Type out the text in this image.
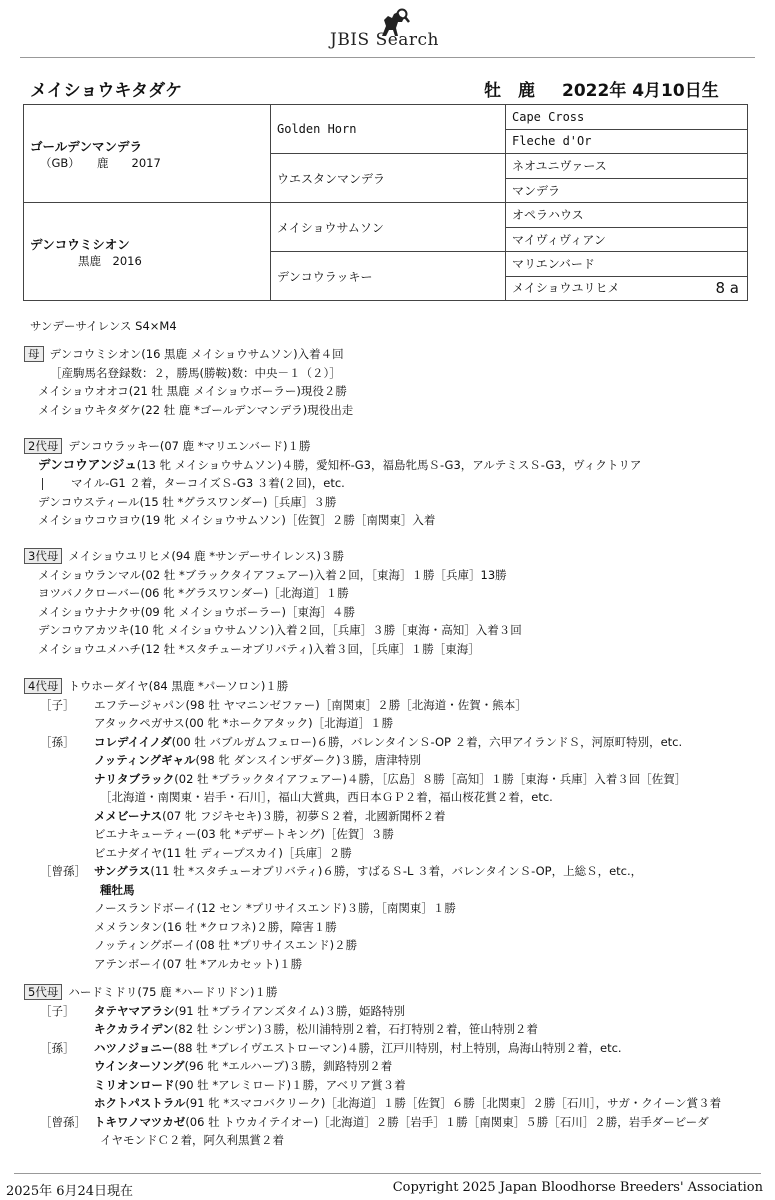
JBIS Search
メイショウキタダケ	牡 鹿 2022年 4月10日生
ゴールデンマンデラ
（GB）　　鹿　　2017	Golden Horn	Cape Cross
		Fleche d'Or
	ウエスタンマンデラ	ネオユニヴァース
		マンデラ

デンコウミシオン
黒鹿　2016	メイショウサムソン	オペラハウス
		マイヴィヴィアン
	デンコウラッキー	マリエンバード
		メイショウユリヒメ 8 a
サンデーサイレンス S4×M4
母 デンコウミシオン(16 黒鹿 メイショウサムソン)入着４回
［産駒馬名登録数：２，勝馬(勝鞍)数：中央－１（２）］
メイショウオオコ(21 牡 黒鹿 メイショウボーラー)現役２勝
メイショウキタダケ(22 牡 鹿 *ゴールデンマンデラ)現役出走
2代母 デンコウラッキー(07 鹿 *マリエンバード)１勝
デンコウアンジュ(13 牝 メイショウサムソン)４勝，愛知杯-G3，福島牝馬Ｓ-G3，アルテミスＳ-G3，ヴィクトリア
マイル-G1 ２着，ターコイズＳ-G3 ３着(２回)，etc.
デンコウスティール(15 牡 *グラスワンダー)［兵庫］３勝
メイショウコウヨウ(19 牝 メイショウサムソン)［佐賀］２勝［南関東］入着
3代母 メイショウユリヒメ(94 鹿 *サンデーサイレンス)３勝
メイショウランマル(02 牡 *ブラックタイアフェアー)入着２回，［東海］１勝［兵庫］13勝
ヨツバノクローバー(06 牝 *グラスワンダー)［北海道］１勝
メイショウナナクサ(09 牝 メイショウボーラー)［東海］４勝
デンコウアカツキ(10 牝 メイショウサムソン)入着２回，［兵庫］３勝［東海・高知］入着３回
メイショウユメハチ(12 牡 *スタチューオブリバティ)入着３回，［兵庫］１勝［東海］
4代母 トウホーダイヤ(84 黒鹿 *パーソロン)１勝
［子］ エフテージャパン(98 牡 ヤマニンゼファー)［南関東］２勝［北海道・佐賀・熊本］
アタックペガサス(00 牝 *ホークアタック)［北海道］１勝
［孫］ コレデイイノダ(00 牡 バブルガムフェロー)６勝，バレンタインＳ-OP ２着，六甲アイランドＳ，河原町特別，etc.
ノッティングギャル(98 牝 ダンスインザダーク)３勝，唐津特別
ナリタブラック(02 牡 *ブラックタイアフェアー)４勝，［広島］８勝［高知］１勝［東海・兵庫］入着３回［佐賀］
［北海道・南関東・岩手・石川］，福山大賞典，西日本ＧＰ２着，福山桜花賞２着，etc.
メメビーナス(07 牝 フジキセキ)３勝，初夢Ｓ２着，北國新聞杯２着
ビエナキューティー(03 牝 *デザートキング)［佐賀］３勝
ビエナダイヤ(11 牡 ディープスカイ)［兵庫］２勝
［曾孫］ サングラス(11 牡 *スタチューオブリバティ)６勝，すばるＳ-L ３着，バレンタインＳ-OP，上総Ｓ，etc.，
種牡馬
ノースランドボーイ(12 セン *プリサイスエンド)３勝，［南関東］１勝
メメランタン(16 牡 *クロフネ)２勝，障害１勝
ノッティングボーイ(08 牡 *プリサイスエンド)２勝
アテンボーイ(07 牡 *アルカセット)１勝
5代母 ハードミドリ(75 鹿 *ハードリドン)１勝
［子］ タテヤマアラシ(91 牡 *ブライアンズタイム)３勝，姫路特別
キクカライデン(82 牡 シンザン)３勝，松川浦特別２着，石打特別２着，笹山特別２着
［孫］ ハツノジョニー(88 牡 *ブレイヴエストローマン)４勝，江戸川特別，村上特別，鳥海山特別２着，etc.
ウインターソング(96 牝 *エルハーブ)３勝，釧路特別２着
ミリオンロード(90 牡 *アレミロード)１勝，アベリア賞３着
ホクトパストラル(91 牝 *スマコバクリーク)［北海道］１勝［佐賀］６勝［北関東］２勝［石川］，サガ・クイーン賞３着
［曾孫］ トキワノマツカゼ(06 牡 トウカイテイオー)［北海道］２勝［岩手］１勝［南関東］５勝［石川］２勝，岩手ダービーダ
イヤモンドＣ２着，阿久利黒賞２着
2025年 6月24日現在	Copyright 2025 Japan Bloodhorse Breeders' Association
